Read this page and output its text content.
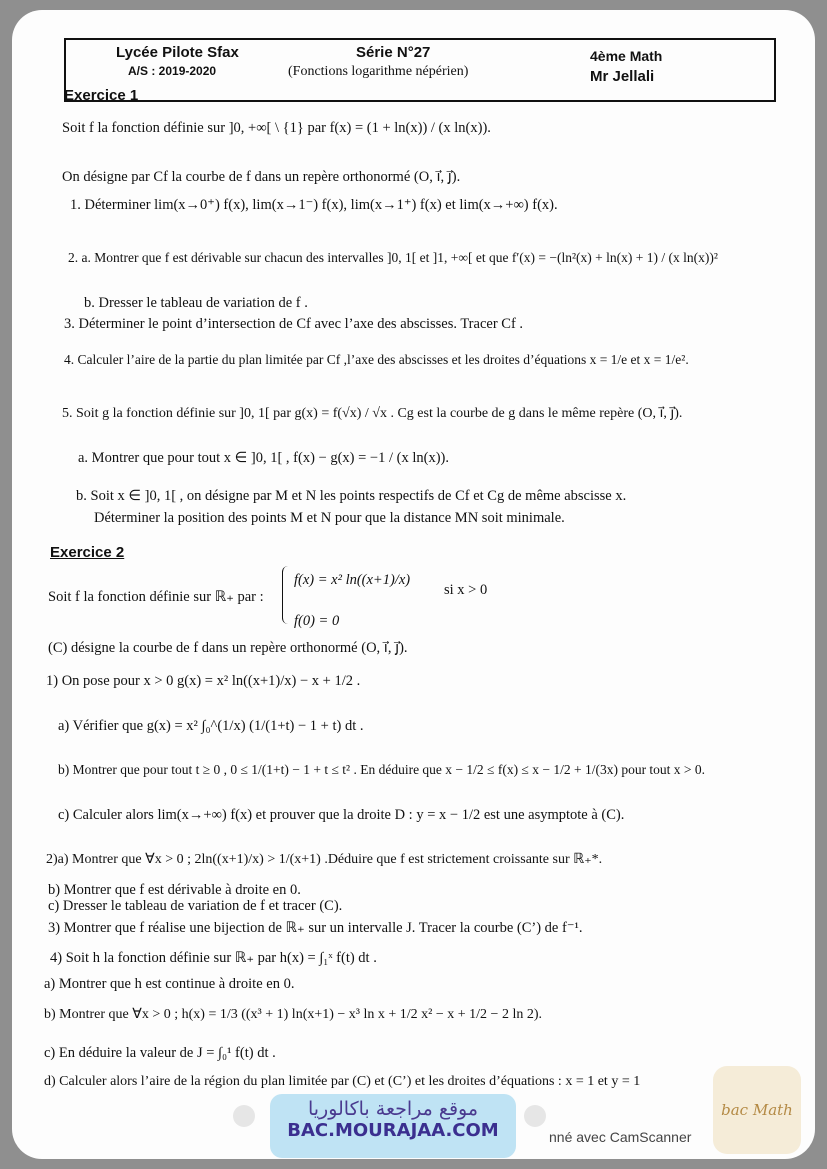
Lycée Pilote Sfax
A/S : 2019-2020
Série N°27
(Fonctions logarithme népérien)
4ème Math
Mr Jellali
Exercice 1
Soit f la fonction définie sur ]0, +∞[ \ {1} par f(x) = (1 + ln(x)) / (x ln(x)).
On désigne par Cf la courbe de f dans un repère orthonormé (O, i⃗, j⃗).
1. Déterminer lim(x→0⁺) f(x), lim(x→1⁻) f(x), lim(x→1⁺) f(x) et lim(x→+∞) f(x).
2. a. Montrer que f est dérivable sur chacun des intervalles ]0, 1[ et ]1, +∞[ et que f′(x) = −(ln²(x) + ln(x) + 1) / (x ln(x))²
b. Dresser le tableau de variation de f .
3. Déterminer le point d’intersection de Cf avec l’axe des abscisses. Tracer Cf .
4. Calculer l’aire de la partie du plan limitée par Cf ,l’axe des abscisses et les droites d’équations x = 1/e et x = 1/e².
5. Soit g la fonction définie sur ]0, 1[ par g(x) = f(√x) / √x . Cg est la courbe de g dans le même repère (O, i⃗, j⃗).
a. Montrer que pour tout x ∈ ]0, 1[ , f(x) − g(x) = −1 / (x ln(x)).
b. Soit x ∈ ]0, 1[ , on désigne par M et N les points respectifs de Cf et Cg de même abscisse x.
Déterminer la position des points M et N pour que la distance MN soit minimale.
Exercice 2
Soit f la fonction définie sur ℝ₊ par :
f(x) = x² ln((x+1)/x)
si x > 0
f(0) = 0
(C) désigne la courbe de f dans un repère orthonormé (O, i⃗, j⃗).
1) On pose pour x > 0 g(x) = x² ln((x+1)/x) − x + 1/2 .
a) Vérifier que g(x) = x² ∫₀^(1/x) (1/(1+t) − 1 + t) dt .
b) Montrer que pour tout t ≥ 0 , 0 ≤ 1/(1+t) − 1 + t ≤ t² . En déduire que x − 1/2 ≤ f(x) ≤ x − 1/2 + 1/(3x) pour tout x > 0.
c) Calculer alors lim(x→+∞) f(x) et prouver que la droite D : y = x − 1/2 est une asymptote à (C).
2)a) Montrer que ∀x > 0 ; 2ln((x+1)/x) > 1/(x+1) .Déduire que f est strictement croissante sur ℝ₊*.
b) Montrer que f est dérivable à droite en 0.
c) Dresser le tableau de variation de f et tracer (C).
3) Montrer que f réalise une bijection de ℝ₊ sur un intervalle J. Tracer la courbe (C’) de f⁻¹.
4) Soit h la fonction définie sur ℝ₊ par h(x) = ∫₁ˣ f(t) dt .
a) Montrer que h est continue à droite en 0.
b) Montrer que ∀x > 0 ; h(x) = 1/3 ((x³ + 1) ln(x+1) − x³ ln x + 1/2 x² − x + 1/2 − 2 ln 2).
c) En déduire la valeur de J = ∫₀¹ f(t) dt .
d) Calculer alors l’aire de la région du plan limitée par (C) et (C’) et les droites d’équations : x = 1 et y = 1
nné avec CamScanner
موقع مراجعة باكالوريا
BAC.MOURAJAA.COM
bac Math
